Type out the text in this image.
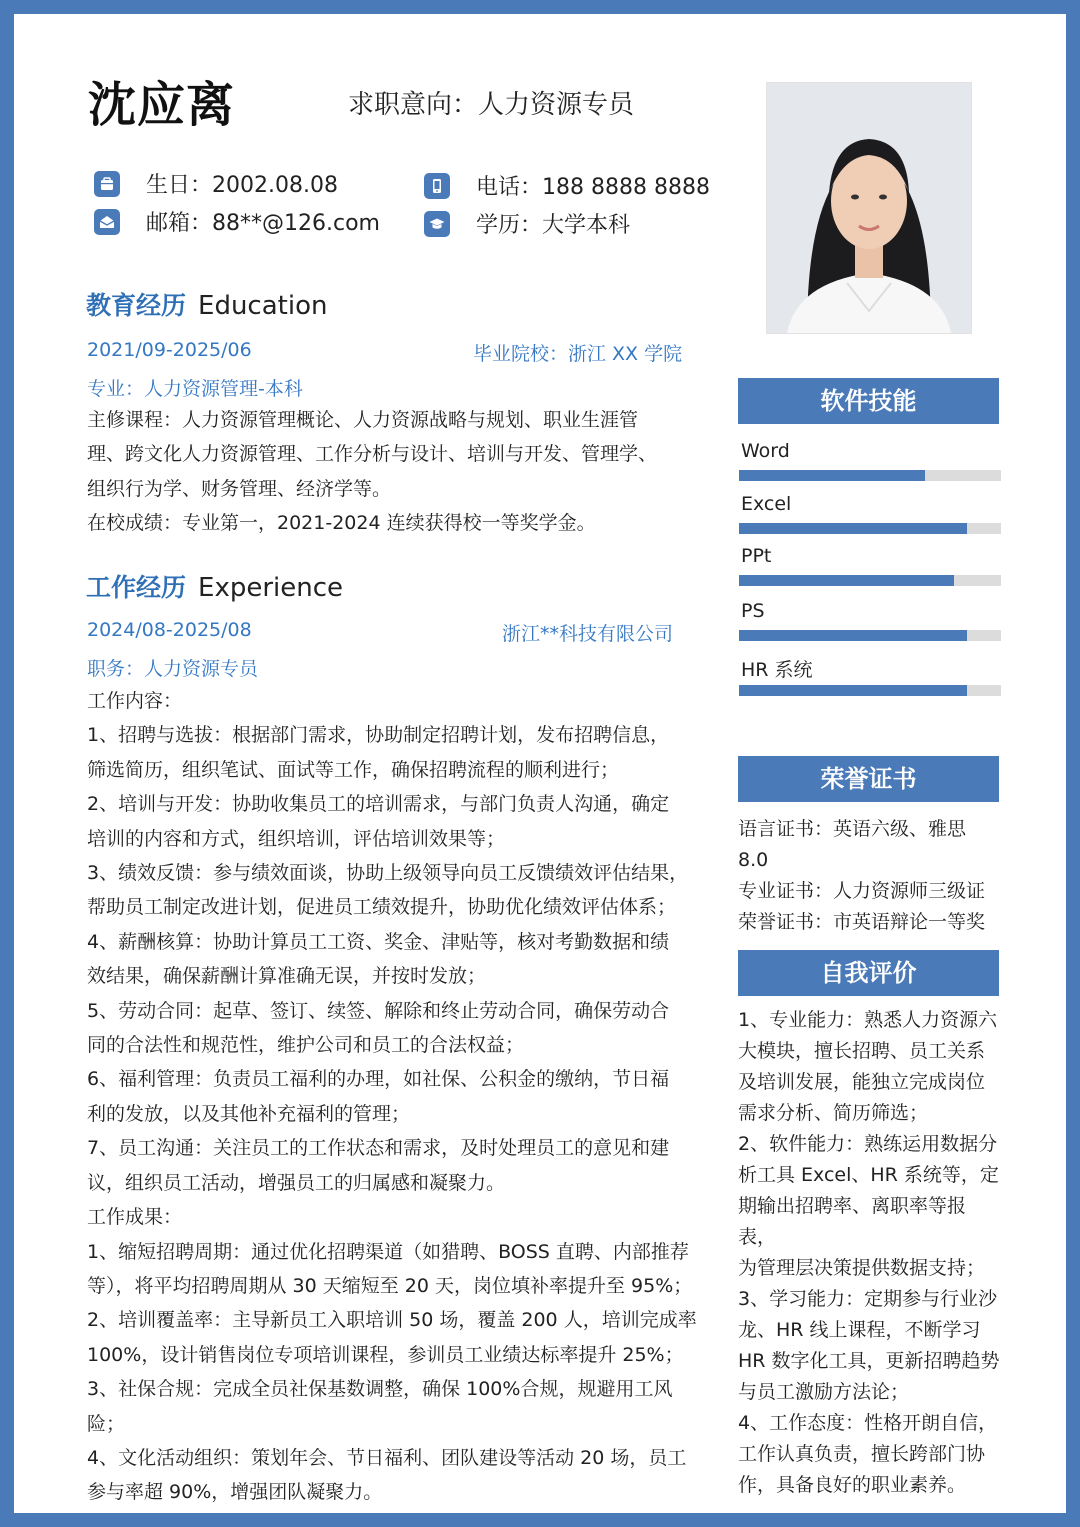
沈应离	求职意向：人力资源专员
生日：2002.08.08	电话：188 8888 8888
邮箱：88**@126.com	学历：大学本科
教育经历 Education
2021/09-2025/06	毕业院校：浙江 XX 学院
专业：人力资源管理-本科

主修课程：人力资源管理概论、人力资源战略与规划、职业生涯管

理、跨文化人力资源管理、工作分析与设计、培训与开发、管理学、

组织行为学、财务管理、经济学等。

在校成绩：专业第一，2021-2024 连续获得校一等奖学金。

工作经历 Experience
2024/08-2025/08	浙江**科技有限公司
职务：人力资源专员

工作内容：

1、招聘与选拔：根据部门需求，协助制定招聘计划，发布招聘信息，

筛选简历，组织笔试、面试等工作，确保招聘流程的顺利进行；

2、培训与开发：协助收集员工的培训需求，与部门负责人沟通，确定

培训的内容和方式，组织培训，评估培训效果等；

3、绩效反馈：参与绩效面谈，协助上级领导向员工反馈绩效评估结果，

帮助员工制定改进计划，促进员工绩效提升，协助优化绩效评估体系；

4、薪酬核算：协助计算员工工资、奖金、津贴等，核对考勤数据和绩

效结果，确保薪酬计算准确无误，并按时发放；

5、劳动合同：起草、签订、续签、解除和终止劳动合同，确保劳动合

同的合法性和规范性，维护公司和员工的合法权益；

6、福利管理：负责员工福利的办理，如社保、公积金的缴纳，节日福

利的发放，以及其他补充福利的管理；

7、员工沟通：关注员工的工作状态和需求，及时处理员工的意见和建

议，组织员工活动，增强员工的归属感和凝聚力。

工作成果：

1、缩短招聘周期：通过优化招聘渠道（如猎聘、BOSS 直聘、内部推荐

等），将平均招聘周期从 30 天缩短至 20 天，岗位填补率提升至 95%；

2、培训覆盖率：主导新员工入职培训 50 场，覆盖 200 人，培训完成率

100%，设计销售岗位专项培训课程，参训员工业绩达标率提升 25%；

3、社保合规：完成全员社保基数调整，确保 100%合规，规避用工风险；

4、文化活动组织：策划年会、节日福利、团队建设等活动 20 场，员工

参与率超 90%，增强团队凝聚力。

软件技能
Word
Excel
PPt
PS
HR 系统
荣誉证书
语言证书：英语六级、雅思 8.0
专业证书：人力资源师三级证
荣誉证书：市英语辩论一等奖
自我评价
1、专业能力：熟悉人力资源六
大模块，擅长招聘、员工关系
及培训发展，能独立完成岗位
需求分析、简历筛选；
2、软件能力：熟练运用数据分
析工具 Excel、HR 系统等，定
期输出招聘率、离职率等报表，
为管理层决策提供数据支持；
3、学习能力：定期参与行业沙
龙、HR 线上课程，不断学习
HR 数字化工具，更新招聘趋势
与员工激励方法论；
4、工作态度：性格开朗自信，
工作认真负责，擅长跨部门协
作，具备良好的职业素养。
